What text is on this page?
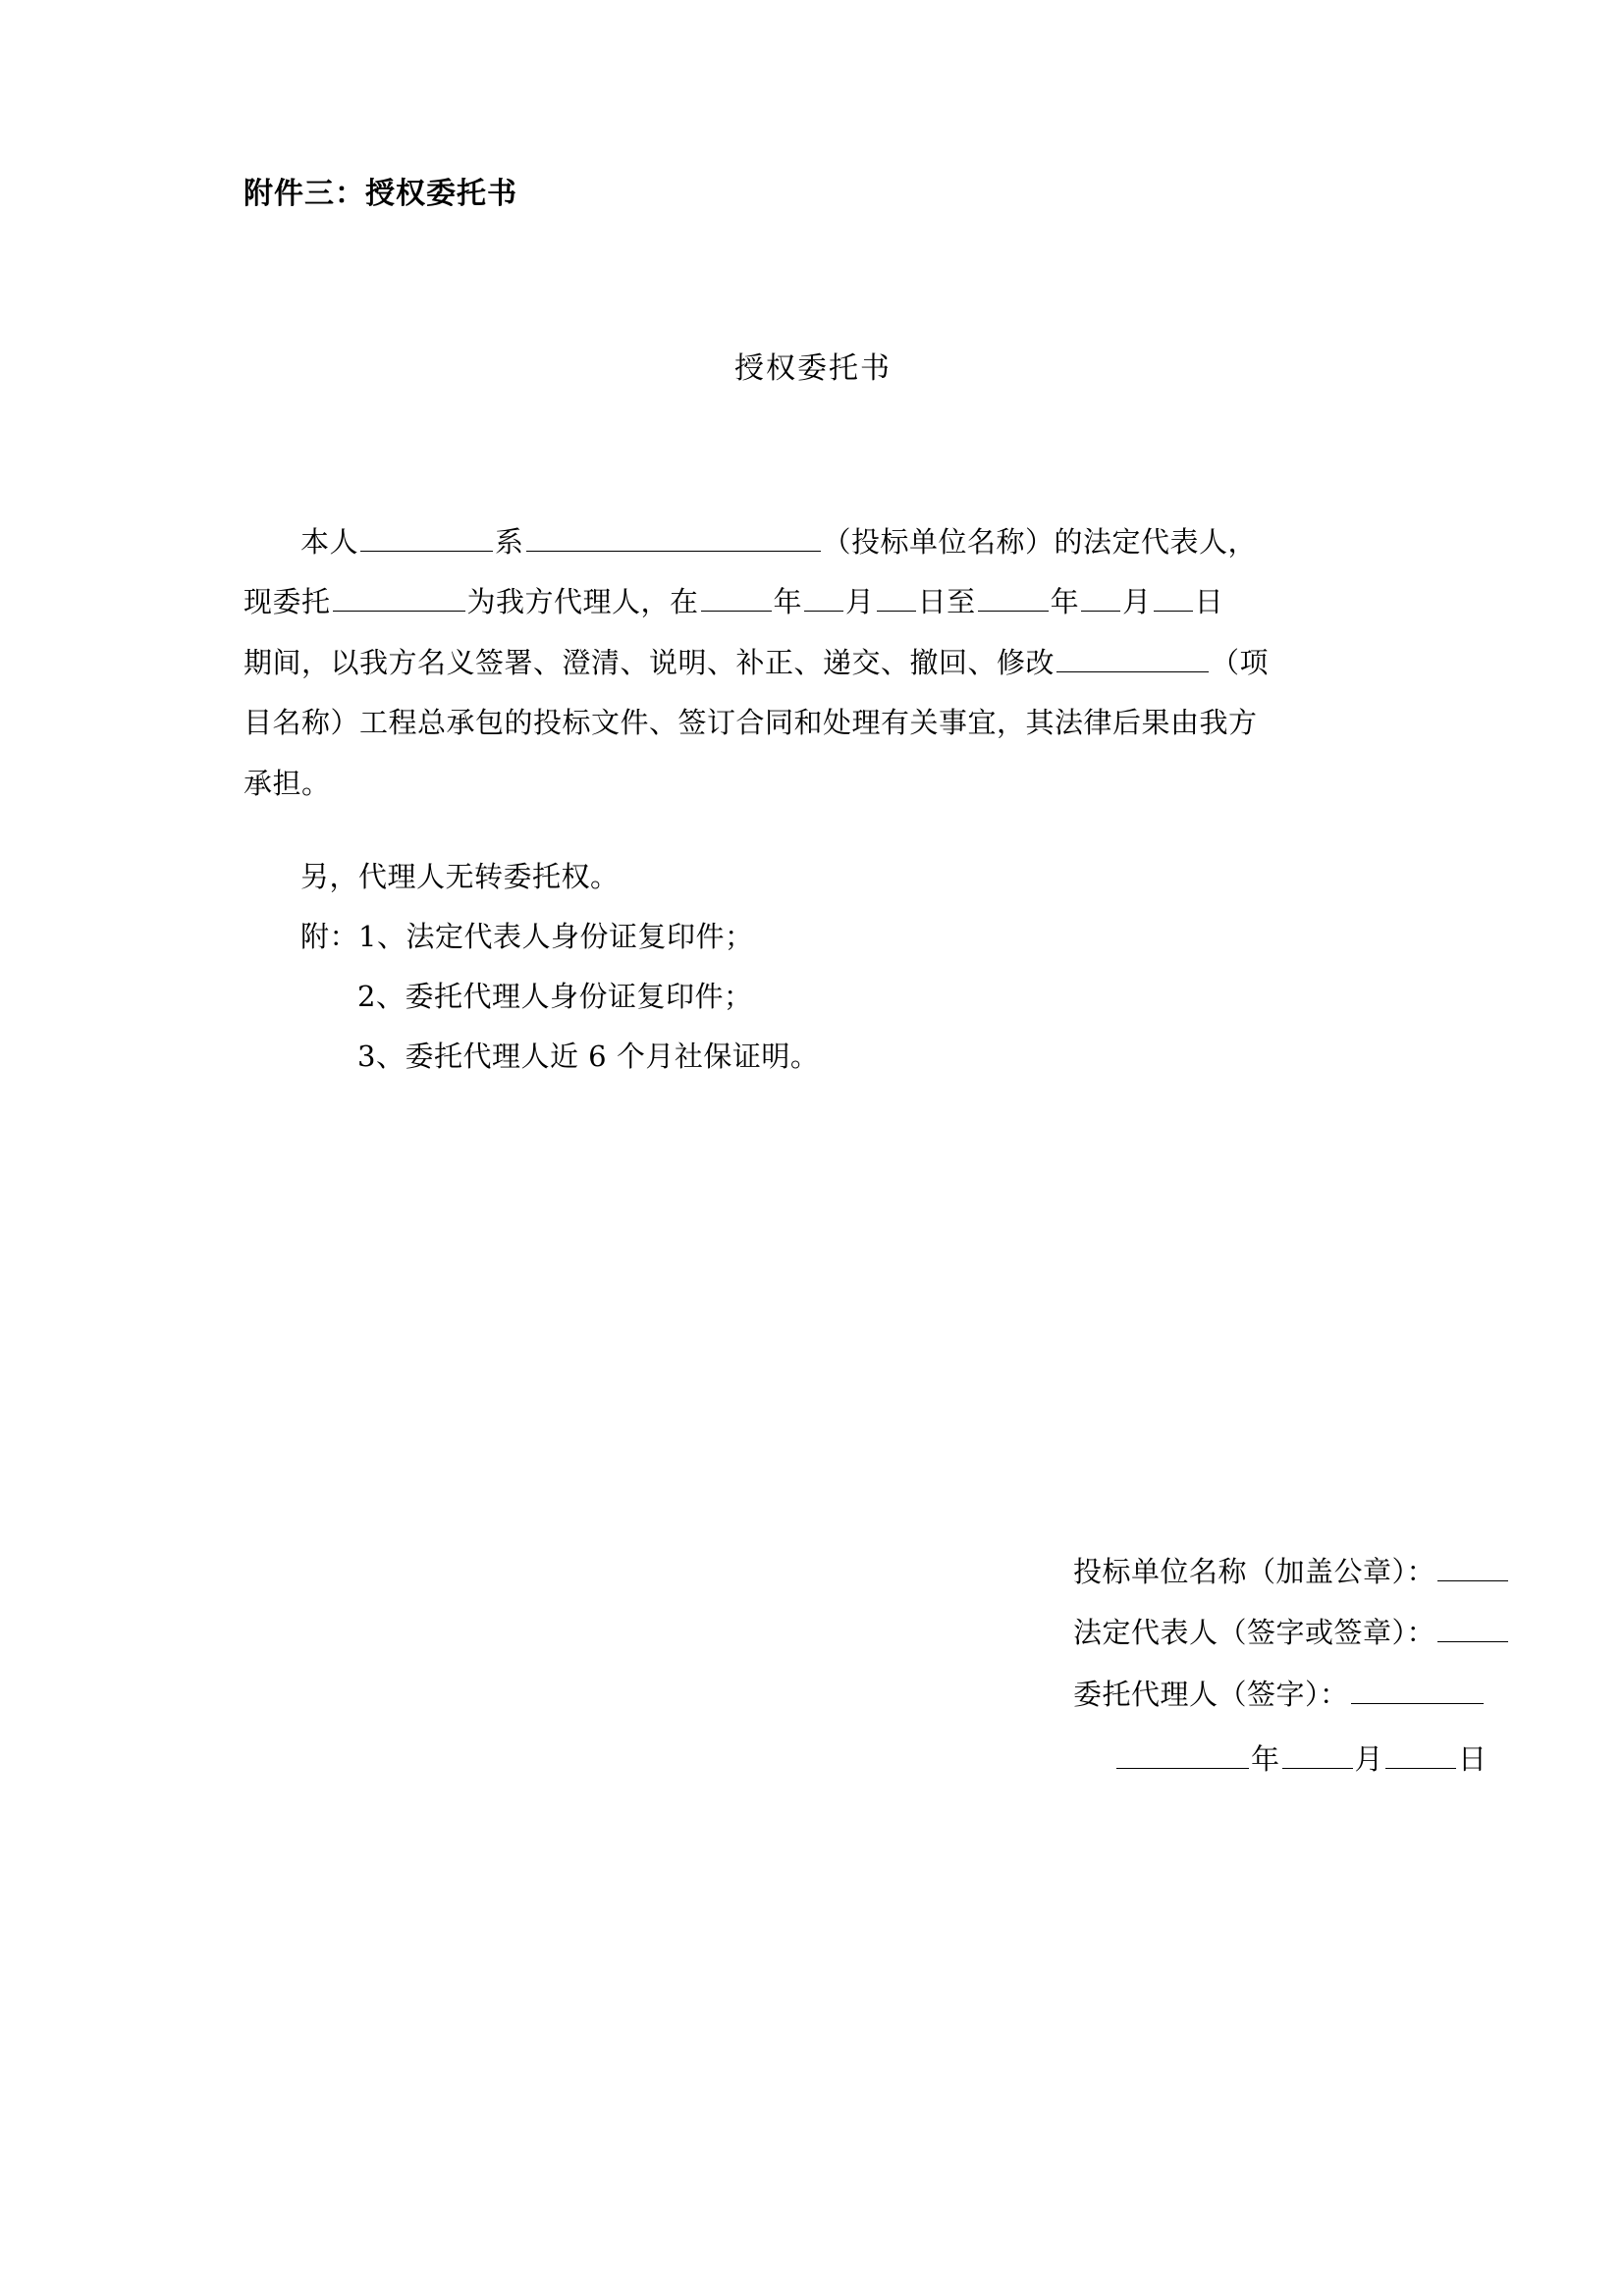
附件三：授权委托书
授权委托书

本人	系	（投标单位名称）的法定代表人，

现委托	为我方代理人，在	年 月 日至	年 月 日

期间，以我方名义签署、澄清、说明、补正、递交、撤回、修改	（项

目名称）工程总承包的投标文件、签订合同和处理有关事宜，其法律后果由我方

承担。

另，代理人无转委托权。

附：1、法定代表人身份证复印件；

2、委托代理人身份证复印件；

3、委托代理人近 6 个月社保证明。

投标单位名称（加盖公章）：

法定代表人（签字或签章）：

委托代理人（签字）：

年	月	日
